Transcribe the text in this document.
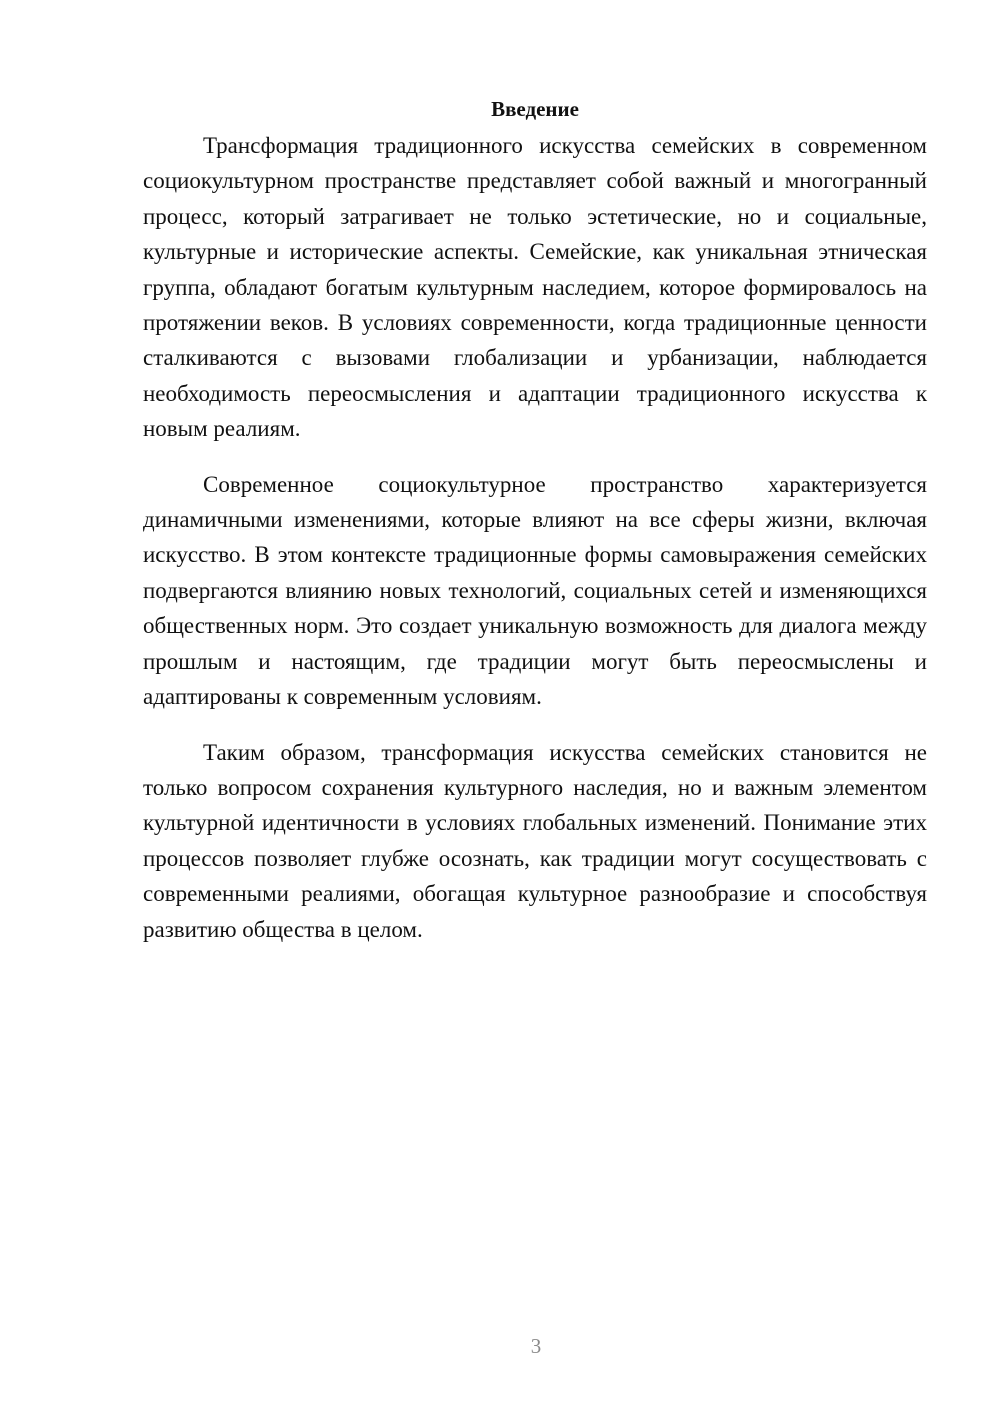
Введение

Трансформация традиционного искусства семейских в современном социокультурном пространстве представляет собой важный и многогранный процесс, который затрагивает не только эстетические, но и социальные, культурные и исторические аспекты. Семейские, как уникальная этническая группа, обладают богатым культурным наследием, которое формировалось на протяжении веков. В условиях современности, когда традиционные ценности сталкиваются с вызовами глобализации и урбанизации, наблюдается необходимость переосмысления и адаптации традиционного искусства к новым реалиям.

Современное социокультурное пространство характеризуется динамичными изменениями, которые влияют на все сферы жизни, включая искусство. В этом контексте традиционные формы самовыражения семейских подвергаются влиянию новых технологий, социальных сетей и изменяющихся общественных норм. Это создает уникальную возможность для диалога между прошлым и настоящим, где традиции могут быть переосмыслены и адаптированы к современным условиям.

Таким образом, трансформация искусства семейских становится не только вопросом сохранения культурного наследия, но и важным элементом культурной идентичности в условиях глобальных изменений. Понимание этих процессов позволяет глубже осознать, как традиции могут сосуществовать с современными реалиями, обогащая культурное разнообразие и способствуя развитию общества в целом.

3
